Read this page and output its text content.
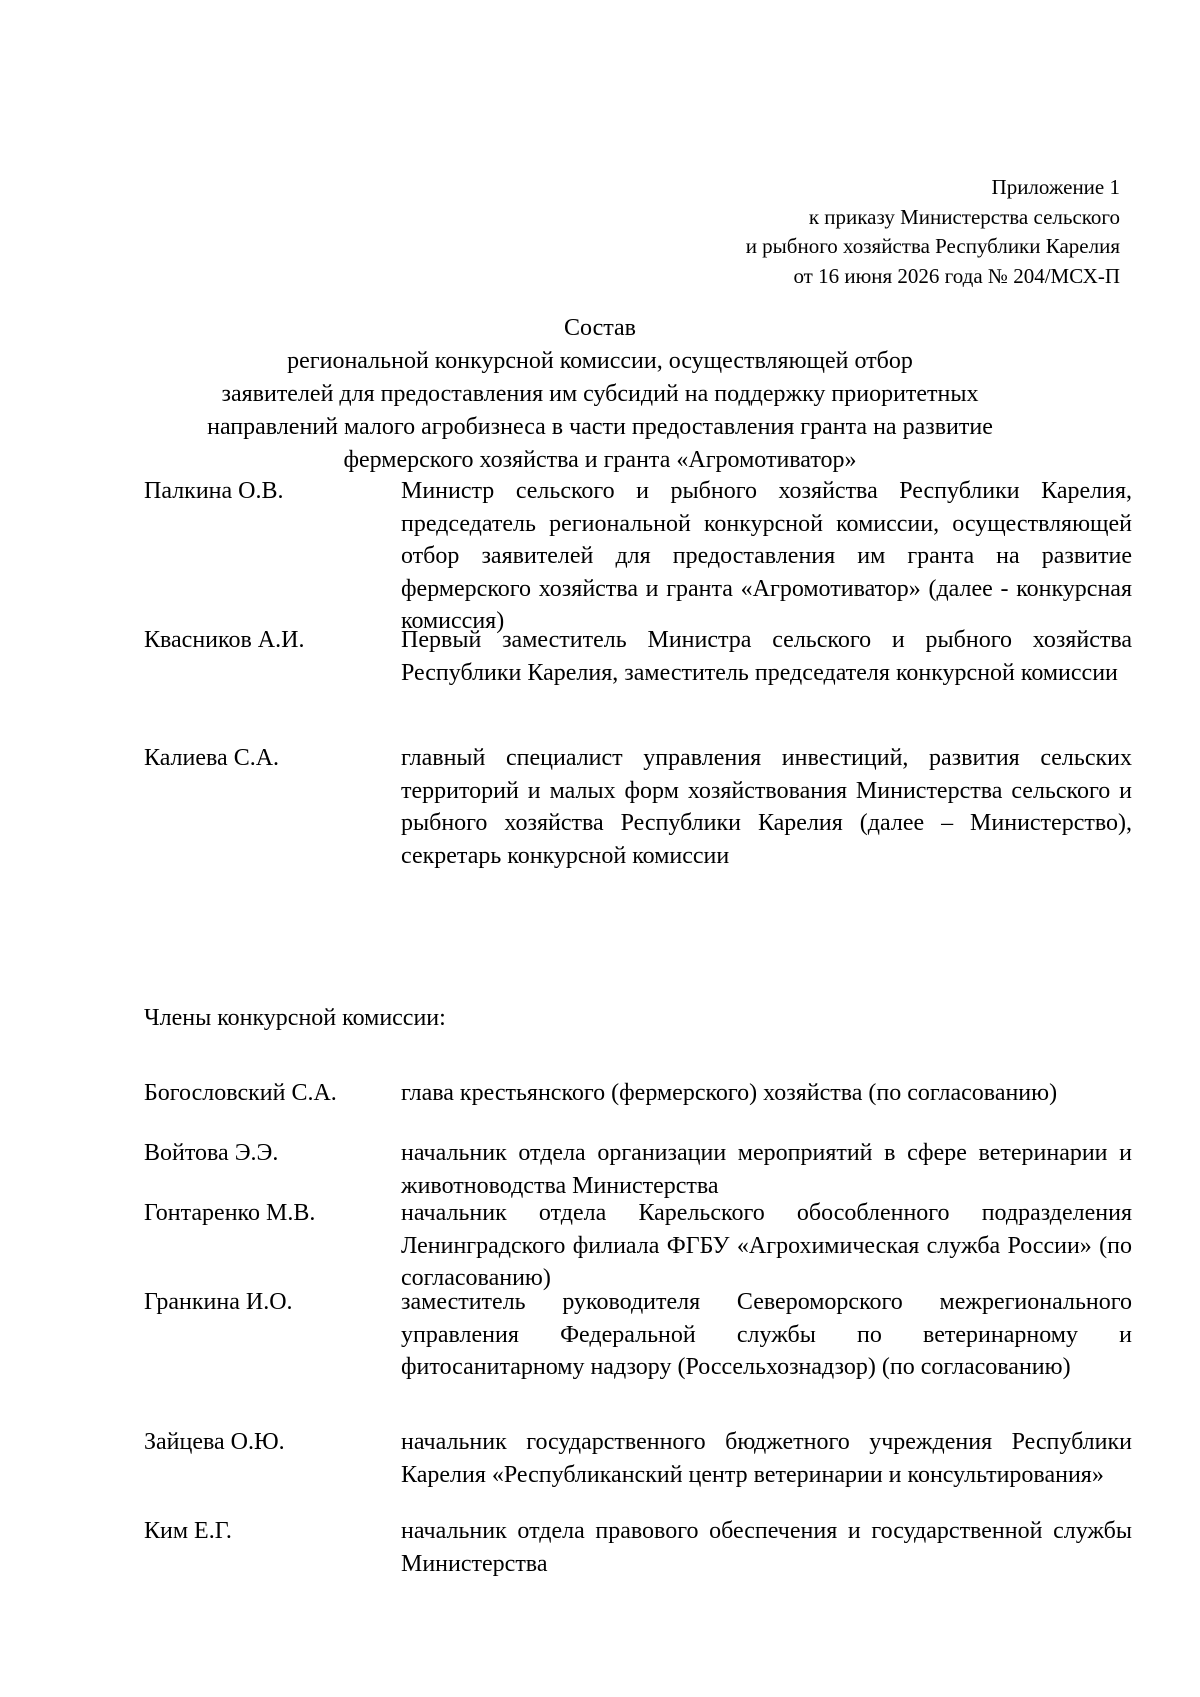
Приложение 1
к приказу Министерства сельского
и рыбного хозяйства Республики Карелия
от 16 июня 2026 года № 204/МСХ-П
Состав
региональной конкурсной комиссии, осуществляющей отбор
заявителей для предоставления им субсидий на поддержку приоритетных
направлений малого агробизнеса в части предоставления гранта на развитие
фермерского хозяйства и гранта «Агромотиватор»
Палкина О.В.	Министр сельского и рыбного хозяйства Республики Карелия, председатель региональной конкурсной комиссии, осуществляющей отбор заявителей для предоставления им гранта на развитие фермерского хозяйства и гранта «Агромотиватор» (далее - конкурсная комиссия)
Квасников А.И.	Первый заместитель Министра сельского и рыбного хозяйства Республики Карелия, заместитель председателя конкурсной комиссии
Калиева С.А.	главный специалист управления инвестиций, развития сельских территорий и малых форм хозяйствования Министерства сельского и рыбного хозяйства Республики Карелия (далее – Министерство), секретарь конкурсной комиссии
Члены конкурсной комиссии:
Богословский С.А.	глава крестьянского (фермерского) хозяйства (по согласованию)
Войтова Э.Э.	начальник отдела организации мероприятий в сфере ветеринарии и животноводства Министерства
Гонтаренко М.В.	начальник отдела Карельского обособленного подразделения Ленинградского филиала ФГБУ «Агрохимическая служба России» (по согласованию)
Гранкина И.О.	заместитель руководителя Североморского межрегионального управления Федеральной службы по ветеринарному и фитосанитарному надзору (Россельхознадзор) (по согласованию)
Зайцева О.Ю.	начальник государственного бюджетного учреждения Республики Карелия «Республиканский центр ветеринарии и консультирования»
Ким Е.Г.	начальник отдела правового обеспечения и государственной службы Министерства
